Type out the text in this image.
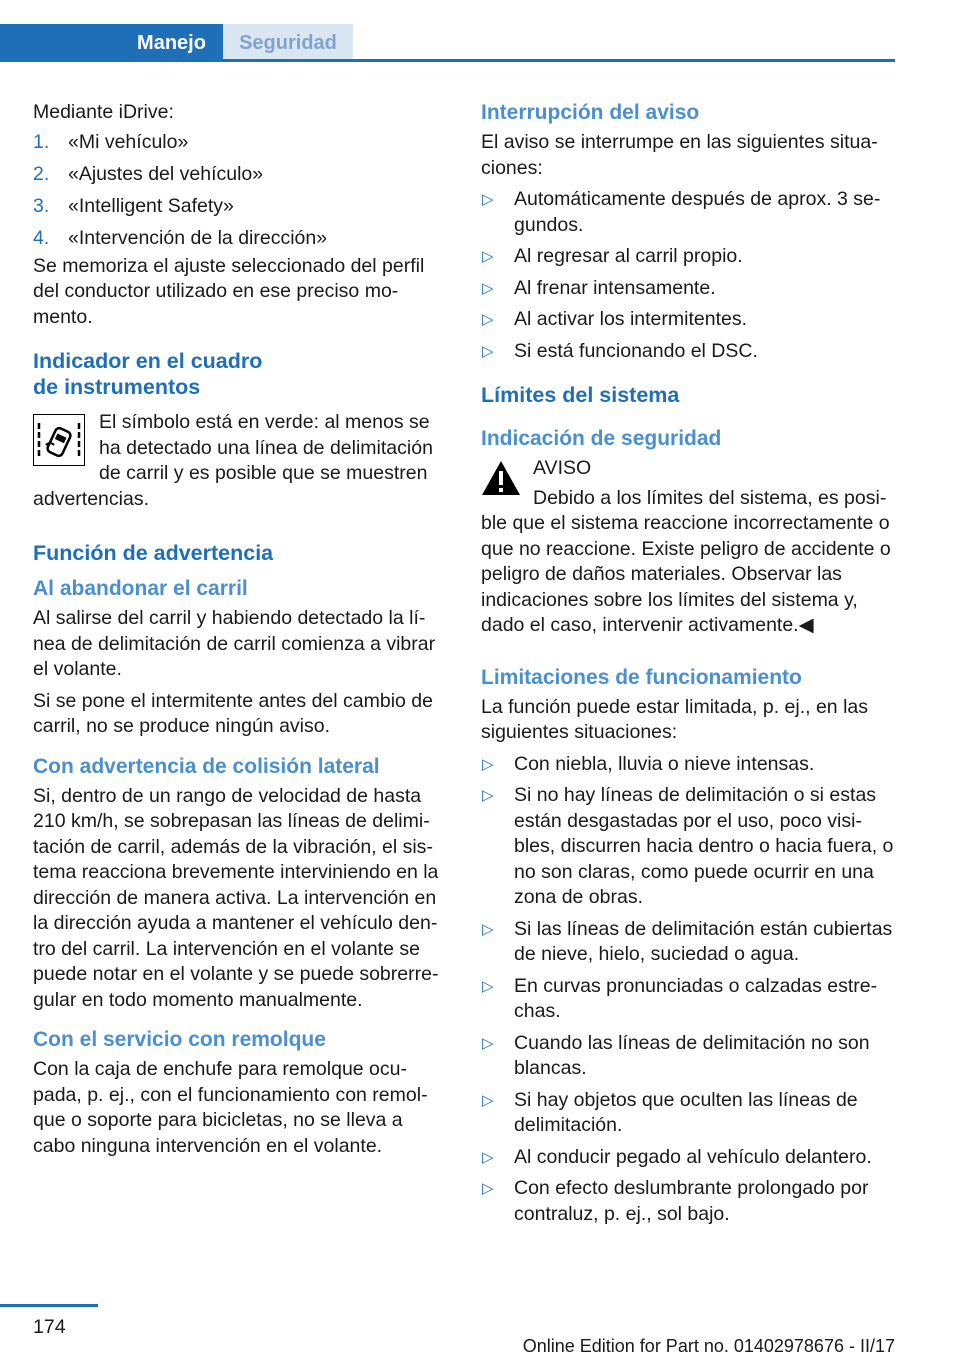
Manejo	Seguridad

Mediante iDrive:

1. «Mi vehículo»
2. «Ajustes del vehículo»
3. «Intelligent Safety»
4. «Intervención de la dirección»

Se memoriza el ajuste seleccionado del perfil del conductor utilizado en ese preciso momento.

Indicador en el cuadro de instrumentos

El símbolo está en verde: al menos se ha detectado una línea de delimitación de carril y es posible que se muestren advertencias.

Función de advertencia
Al abandonar el carril

Al salirse del carril y habiendo detectado la línea de delimitación de carril comienza a vibrar el volante.

Si se pone el intermitente antes del cambio de carril, no se produce ningún aviso.

Con advertencia de colisión lateral

Si, dentro de un rango de velocidad de hasta 210 km/h, se sobrepasan las líneas de delimitación de carril, además de la vibración, el sistema reacciona brevemente interviniendo en la dirección de manera activa. La intervención en la dirección ayuda a mantener el vehículo dentro del carril. La intervención en el volante se puede notar en el volante y se puede sobrerregular en todo momento manualmente.

Con el servicio con remolque

Con la caja de enchufe para remolque ocupada, p. ej., con el funcionamiento con remolque o soporte para bicicletas, no se lleva a cabo ninguna intervención en el volante.

Interrupción del aviso

El aviso se interrumpe en las siguientes situaciones:

▷ Automáticamente después de aprox. 3 segundos.
▷ Al regresar al carril propio.
▷ Al frenar intensamente.
▷ Al activar los intermitentes.
▷ Si está funcionando el DSC.
Límites del sistema
Indicación de seguridad

AVISO

Debido a los límites del sistema, es posible que el sistema reaccione incorrectamente o que no reaccione. Existe peligro de accidente o peligro de daños materiales. Observar las indicaciones sobre los límites del sistema y, dado el caso, intervenir activamente.◀

Limitaciones de funcionamiento

La función puede estar limitada, p. ej., en las siguientes situaciones:

▷ Con niebla, lluvia o nieve intensas.
▷ Si no hay líneas de delimitación o si estas están desgastadas por el uso, poco visibles, discurren hacia dentro o hacia fuera, o no son claras, como puede ocurrir en una zona de obras.
▷ Si las líneas de delimitación están cubiertas de nieve, hielo, suciedad o agua.
▷ En curvas pronunciadas o calzadas estrechas.
▷ Cuando las líneas de delimitación no son blancas.
▷ Si hay objetos que oculten las líneas de delimitación.
▷ Al conducir pegado al vehículo delantero.
▷ Con efecto deslumbrante prolongado por contraluz, p. ej., sol bajo.
174
Online Edition for Part no. 01402978676 - II/17
